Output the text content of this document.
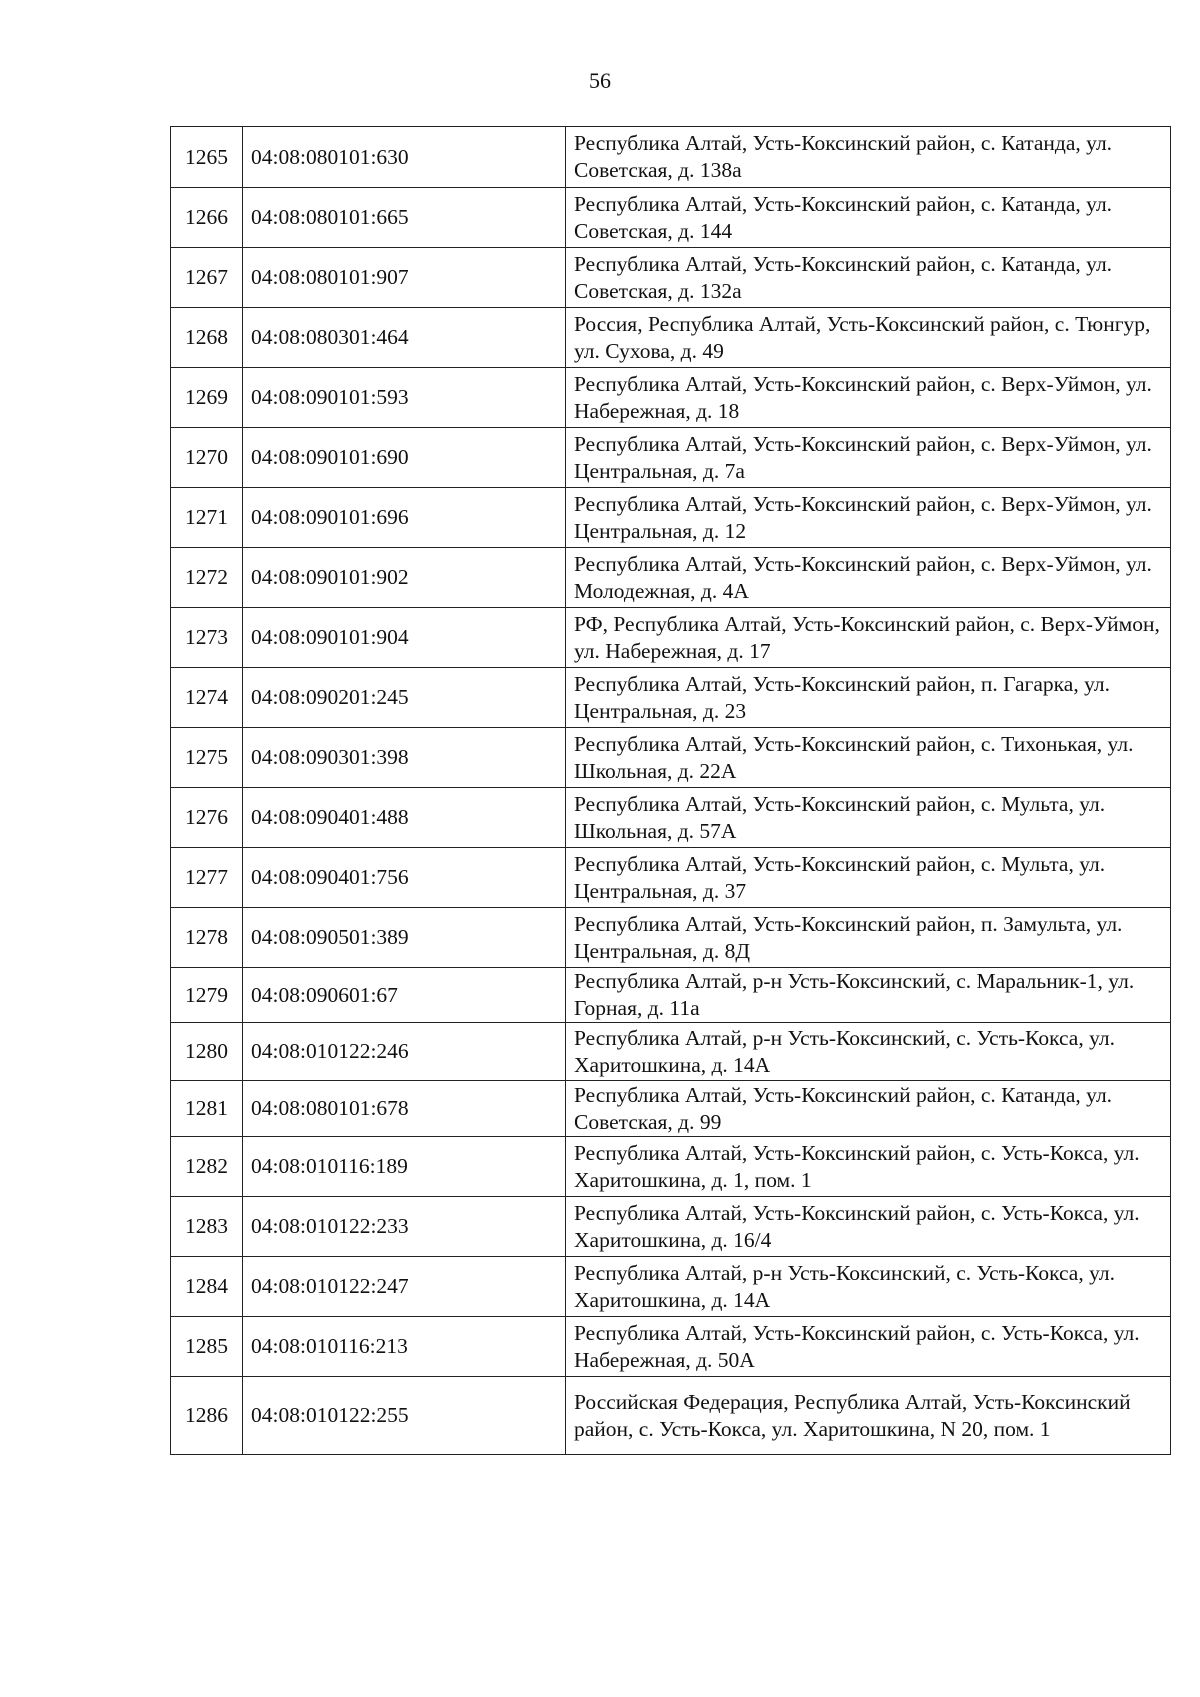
56
1265	04:08:080101:630	Республика Алтай, Усть-Коксинский район, с. Катанда, ул. Советская, д. 138а
1266	04:08:080101:665	Республика Алтай, Усть-Коксинский район, с. Катанда, ул. Советская, д. 144
1267	04:08:080101:907	Республика Алтай, Усть-Коксинский район, с. Катанда, ул. Советская, д. 132а
1268	04:08:080301:464	Россия, Республика Алтай, Усть-Коксинский район, с. Тюнгур, ул. Сухова, д. 49
1269	04:08:090101:593	Республика Алтай, Усть-Коксинский район, с. Верх-Уймон, ул. Набережная, д. 18
1270	04:08:090101:690	Республика Алтай, Усть-Коксинский район, с. Верх-Уймон, ул. Центральная, д. 7а
1271	04:08:090101:696	Республика Алтай, Усть-Коксинский район, с. Верх-Уймон, ул. Центральная, д. 12
1272	04:08:090101:902	Республика Алтай, Усть-Коксинский район, с. Верх-Уймон, ул. Молодежная, д. 4А
1273	04:08:090101:904	РФ, Республика Алтай, Усть-Коксинский район, с. Верх-Уймон, ул. Набережная, д. 17
1274	04:08:090201:245	Республика Алтай, Усть-Коксинский район, п. Гагарка, ул. Центральная, д. 23
1275	04:08:090301:398	Республика Алтай, Усть-Коксинский район, с. Тихонькая, ул. Школьная, д. 22А
1276	04:08:090401:488	Республика Алтай, Усть-Коксинский район, с. Мульта, ул. Школьная, д. 57А
1277	04:08:090401:756	Республика Алтай, Усть-Коксинский район, с. Мульта, ул. Центральная, д. 37
1278	04:08:090501:389	Республика Алтай, Усть-Коксинский район, п. Замульта, ул. Центральная, д. 8Д
1279	04:08:090601:67	Республика Алтай, р-н Усть-Коксинский, с. Маральник-1, ул. Горная, д. 11а
1280	04:08:010122:246	Республика Алтай, р-н Усть-Коксинский, с. Усть-Кокса, ул. Харитошкина, д. 14А
1281	04:08:080101:678	Республика Алтай, Усть-Коксинский район, с. Катанда, ул. Советская, д. 99
1282	04:08:010116:189	Республика Алтай, Усть-Коксинский район, с. Усть-Кокса, ул. Харитошкина, д. 1, пом. 1
1283	04:08:010122:233	Республика Алтай, Усть-Коксинский район, с. Усть-Кокса, ул. Харитошкина, д. 16/4
1284	04:08:010122:247	Республика Алтай, р-н Усть-Коксинский, с. Усть-Кокса, ул. Харитошкина, д. 14А
1285	04:08:010116:213	Республика Алтай, Усть-Коксинский район, с. Усть-Кокса, ул. Набережная, д. 50А
1286	04:08:010122:255	Российская Федерация, Республика Алтай, Усть-Коксинский район, с. Усть-Кокса, ул. Харитошкина, N 20, пом. 1
